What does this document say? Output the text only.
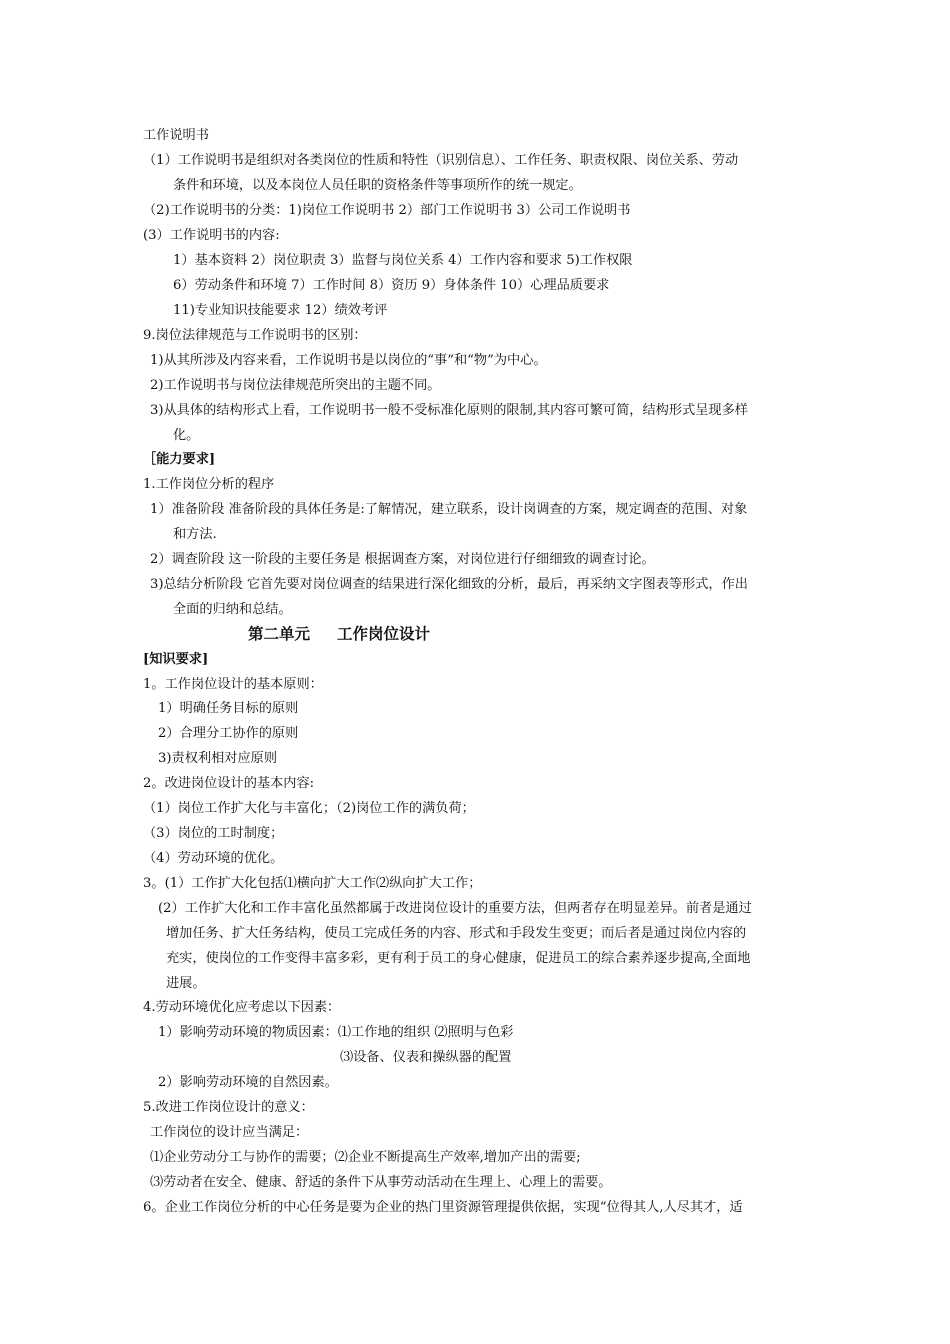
工作说明书
（1）工作说明书是组织对各类岗位的性质和特性（识别信息）、工作任务、职责权限、岗位关系、劳动
条件和环境，以及本岗位人员任职的资格条件等事项所作的统一规定。
（2)工作说明书的分类：1)岗位工作说明书 2）部门工作说明书 3）公司工作说明书
(3）工作说明书的内容:
1）基本资料 2）岗位职责 3）监督与岗位关系 4）工作内容和要求 5)工作权限
6）劳动条件和环境 7）工作时间 8）资历 9）身体条件 10）心理品质要求
11)专业知识技能要求 12）绩效考评
9.岗位法律规范与工作说明书的区别：
1)从其所涉及内容来看，工作说明书是以岗位的“事”和“物”为中心。
2)工作说明书与岗位法律规范所突出的主题不同。
3)从具体的结构形式上看，工作说明书一般不受标准化原则的限制,其内容可繁可简，结构形式呈现多样
化。
［能力要求]
1.工作岗位分析的程序
1）准备阶段 准备阶段的具体任务是:了解情况，建立联系，设计岗调查的方案，规定调查的范围、对象
和方法.
2）调查阶段 这一阶段的主要任务是 根据调查方案，对岗位进行仔细细致的调查讨论。
3)总结分析阶段 它首先要对岗位调查的结果进行深化细致的分析，最后，再采纳文字图表等形式，作出
全面的归纳和总结。
第二单元     工作岗位设计
[知识要求]
1。工作岗位设计的基本原则：
1）明确任务目标的原则
2）合理分工协作的原则
3)责权利相对应原则
2。改进岗位设计的基本内容:
（1）岗位工作扩大化与丰富化；（2)岗位工作的满负荷；
（3）岗位的工时制度；
（4）劳动环境的优化。
3。(1）工作扩大化包括⑴横向扩大工作⑵纵向扩大工作；
(2）工作扩大化和工作丰富化虽然都属于改进岗位设计的重要方法，但两者存在明显差异。前者是通过
增加任务、扩大任务结构，使员工完成任务的内容、形式和手段发生变更；而后者是通过岗位内容的
充实，使岗位的工作变得丰富多彩，更有利于员工的身心健康，促进员工的综合素养逐步提高,全面地
进展。
4.劳动环境优化应考虑以下因素：
1）影响劳动环境的物质因素：⑴工作地的组织 ⑵照明与色彩
⑶设备、仪表和操纵器的配置
2）影响劳动环境的自然因素。
5.改进工作岗位设计的意义：
工作岗位的设计应当满足：
⑴企业劳动分工与协作的需要；⑵企业不断提高生产效率,增加产出的需要;
⑶劳动者在安全、健康、舒适的条件下从事劳动活动在生理上、心理上的需要。
6。企业工作岗位分析的中心任务是要为企业的热门里资源管理提供依据，实现“位得其人,人尽其才，适
